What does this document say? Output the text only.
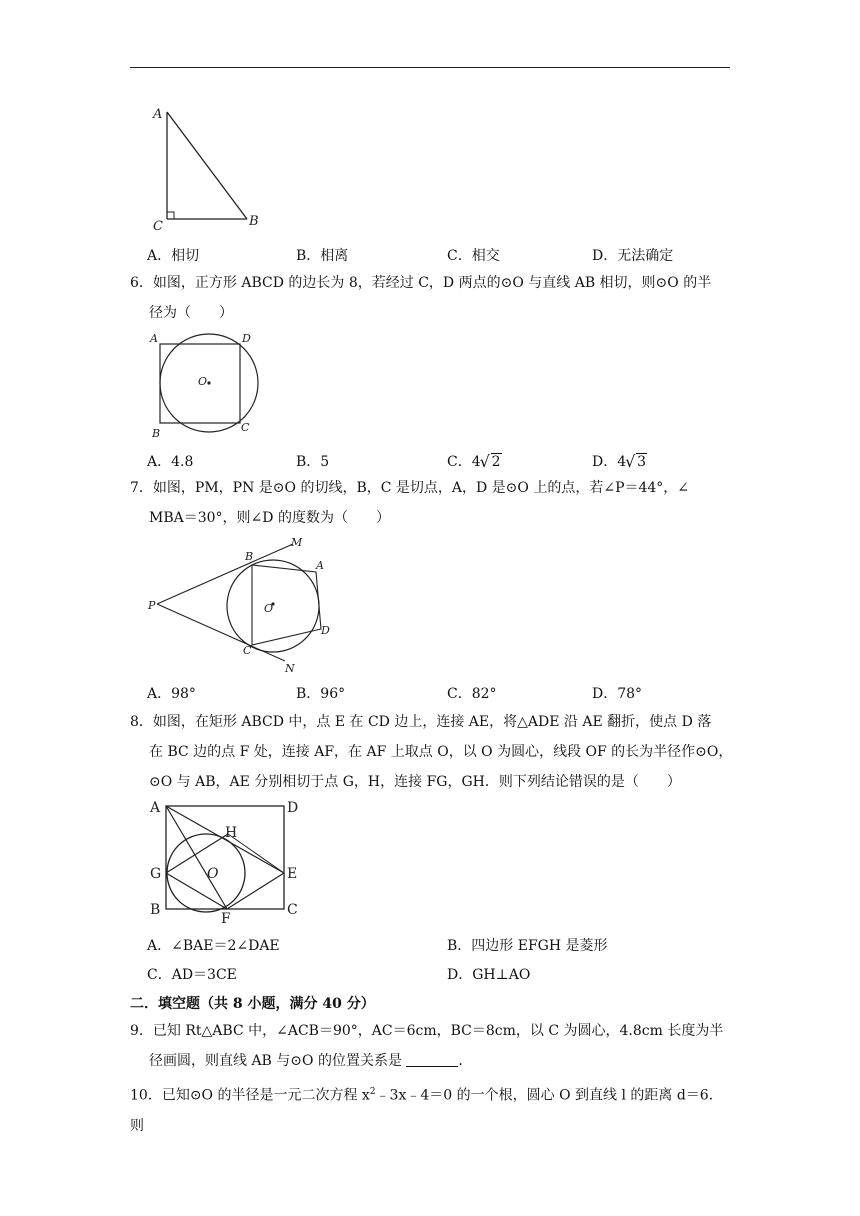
A
C	B
A．相切	B．相离	C．相交	D．无法确定
6．如图，正方形 ABCD 的边长为 8，若经过 C，D 两点的⊙O 与直线 AB 相切，则⊙O 的半
径为（　　）
A	D
B	C
O
A．4.8	B．5	C．4 √ 2	D．4 √ 3
7．如图，PM，PN 是⊙O 的切线，B，C 是切点，A，D 是⊙O 上的点，若∠P＝44°，∠
MBA＝30°，则∠D 的度数为（　　）
P
B
M
A
O
D
C
N
A．98°	B．96°	C．82°	D．78°
8．如图，在矩形 ABCD 中，点 E 在 CD 边上，连接 AE，将△ADE 沿 AE 翻折，使点 D 落
在 BC 边的点 F 处，连接 AF，在 AF 上取点 O，以 O 为圆心，线段 OF 的长为半径作⊙O，
⊙O 与 AB，AE 分别相切于点 G，H，连接 FG，GH．则下列结论错误的是（　　）
A	D
H
G	O	E
B
F
C
A．∠BAE＝2∠DAE	B．四边形 EFGH 是菱形
C．AD＝3CE	D．GH⊥AO
二．填空题（共 8 小题，满分 40 分）
9．已知 Rt△ABC 中，∠ACB＝90°，AC＝6cm，BC＝8cm，以 C 为圆心，4.8cm 长度为半
径画圆，则直线 AB 与⊙O 的位置关系是	．
10．已知⊙O 的半径是一元二次方程 $x^2﹣3x﹣4=0$ 的一个根，圆心 O 到直线 l 的距离 d＝6．则
